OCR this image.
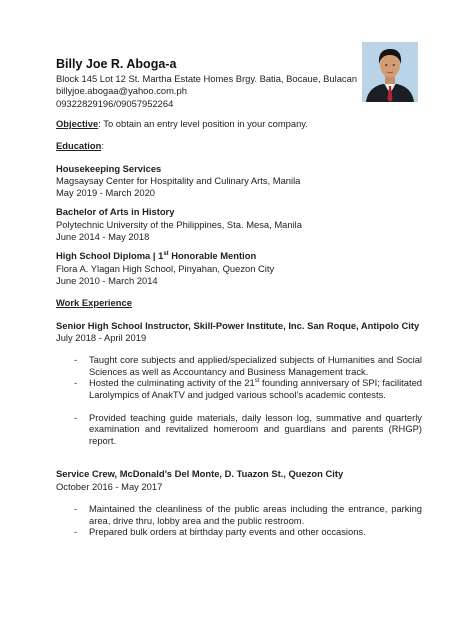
Billy Joe R. Aboga-a
Block 145 Lot 12 St. Martha Estate Homes Brgy. Batia, Bocaue, Bulacan
billyjoe.abogaa@yahoo.com.ph
09322829196/09057952264
Objective: To obtain an entry level position in your company.
Education:
Housekeeping Services
Magsaysay Center for Hospitality and Culinary Arts, Manila
May 2019 - March 2020
Bachelor of Arts in History
Polytechnic University of the Philippines, Sta. Mesa, Manila
June 2014 - May 2018
High School Diploma | 1st Honorable Mention
Flora A. Ylagan High School, Pinyahan, Quezon City
June 2010 - March 2014
Work Experience
Senior High School Instructor, Skill-Power Institute, Inc. San Roque, Antipolo City
July 2018 - April 2019
- Taught core subjects and applied/specialized subjects of Humanities and Social Sciences as well as Accountancy and Business Management track.
- Hosted the culminating activity of the 21st founding anniversary of SPI; facilitated Larolympics of AnakTV and judged various school’s academic contests.
- Provided teaching guide materials, daily lesson log, summative and quarterly examination and revitalized homeroom and guardians and parents (RHGP) report.
Service Crew, McDonald’s Del Monte, D. Tuazon St., Quezon City
October 2016 - May 2017
- Maintained the cleanliness of the public areas including the entrance, parking area, drive thru, lobby area and the public restroom.
- Prepared bulk orders at birthday party events and other occasions.
